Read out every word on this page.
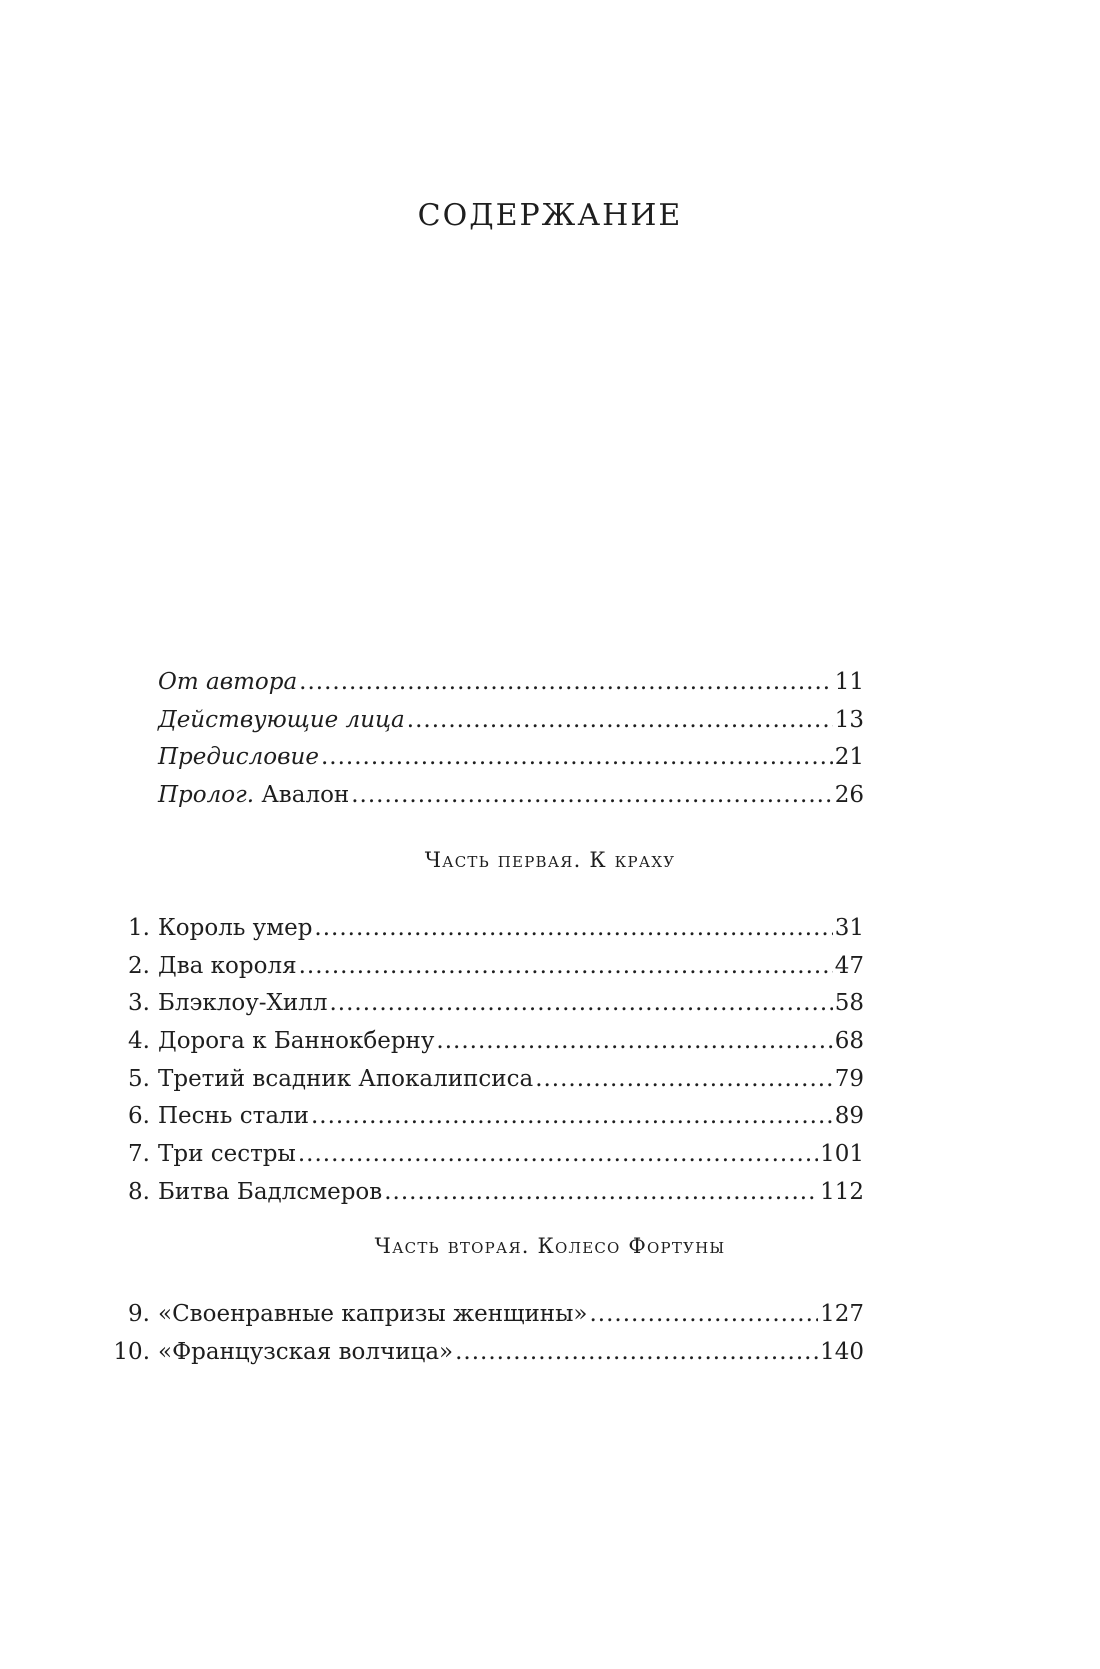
СОДЕРЖАНИЕ
От автора .....	11
Действующие лица .....	13
Предисловие .....	21
Пролог. Авалон .....	26
Часть первая. К краху
1. Король умер .....	31
2. Два короля .....	47
3. Блэклоу-Хилл .....	58
4. Дорога к Баннокберну .....	68
5. Третий всадник Апокалипсиса .....	79
6. Песнь стали .....	89
7. Три сестры .....	101
8. Битва Бадлсмеров .....	112
Часть вторая. Колесо Фортуны
9. «Своенравные капризы женщины» .....	127
10. «Французская волчица» .....	140
